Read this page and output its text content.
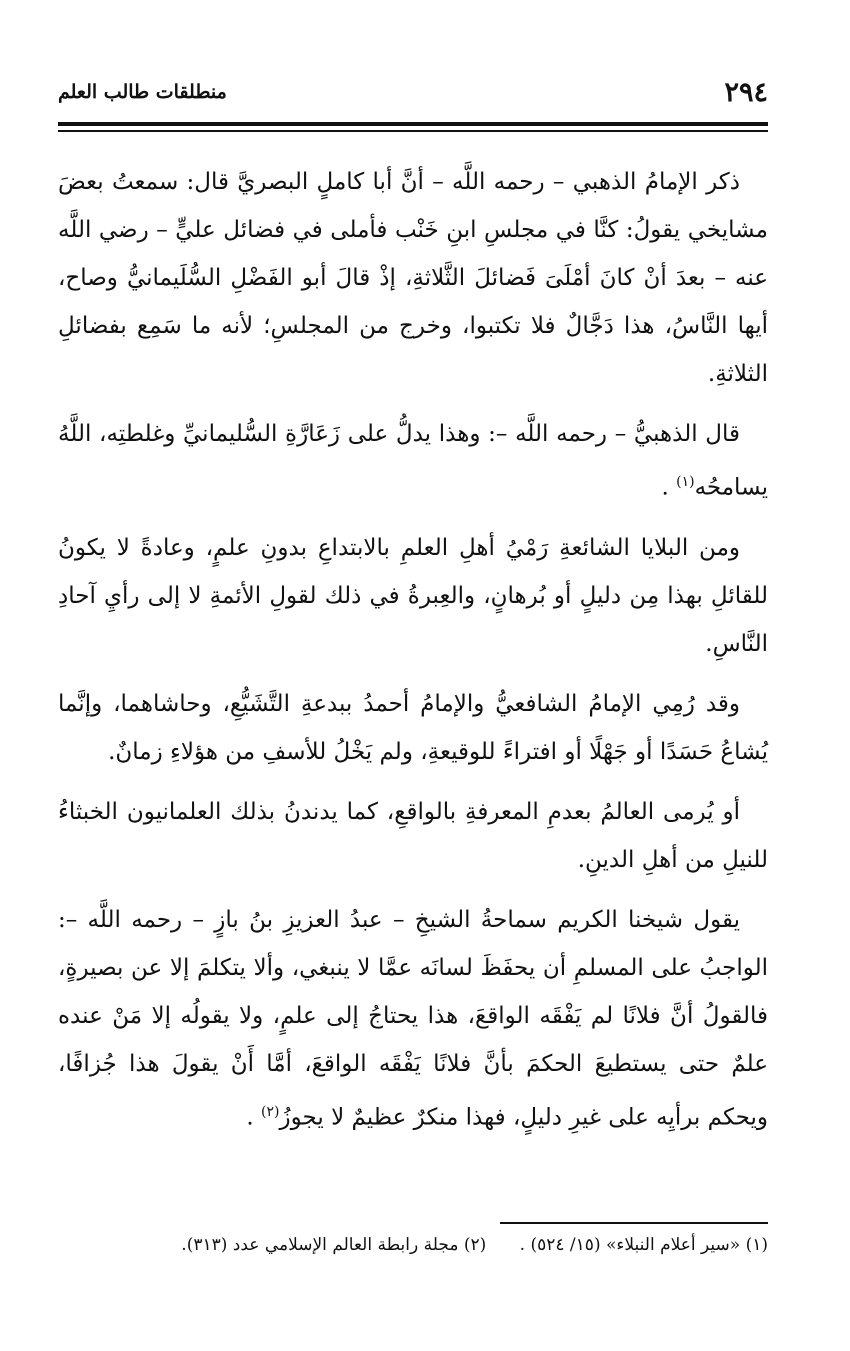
٢٩٤
منطلقات طالب العلم

ذكر الإمامُ الذهبي – رحمه اللَّه – أنَّ أبا كاملٍ البصريَّ قال: سمعتُ بعضَ مشايخي يقولُ: كنَّا في مجلسِ ابنِ خَنْب فأملى في فضائل عليٍّ – رضي اللَّه عنه – بعدَ أنْ كانَ أمْلَىَ فَضائلَ الثَّلاثةِ، إذْ قالَ أبو الفَضْلِ السُّلَيمانيُّ وصاح، أيها النَّاسُ، هذا دَجَّالٌ فلا تكتبوا، وخرج من المجلسِ؛ لأنه ما سَمِع بفضائلِ الثلاثةِ.

قال الذهبيُّ – رحمه اللَّه –: وهذا يدلُّ على زَعَارَّةِ السُّليمانيِّ وغلطتِه، اللَّهُ يسامحُه$^{(١)}$ .

ومن البلايا الشائعةِ رَمْيُ أهلِ العلمِ بالابتداعِ بدونِ علمٍ، وعادةً لا يكونُ للقائلِ بهذا مِن دليلٍ أو بُرهانٍ، والعِبرةُ في ذلك لقولِ الأئمةِ لا إلى رأيِ آحادِ النَّاسِ.

وقد رُمِي الإمامُ الشافعيُّ والإمامُ أحمدُ ببدعةِ التَّشَيُّعِ، وحاشاهما، وإنَّما يُشاعُ حَسَدًا أو جَهْلًا أو افتراءً للوقيعةِ، ولم يَخْلُ للأسفِ من هؤلاءِ زمانٌ.

أو يُرمى العالمُ بعدمِ المعرفةِ بالواقعِ، كما يدندنُ بذلك العلمانيون الخبثاءُ للنيلِ من أهلِ الدينِ.

يقول شيخنا الكريم سماحةُ الشيخِ – عبدُ العزيزِ بنُ بازٍ – رحمه اللَّه –: الواجبُ على المسلمِ أن يحفَظَ لسانَه عمَّا لا ينبغي، وألا يتكلمَ إلا عن بصيرةٍ، فالقولُ أنَّ فلانًا لم يَفْقَه الواقعَ، هذا يحتاجُ إلى علمٍ، ولا يقولُه إلا مَنْ عنده علمٌ حتى يستطيعَ الحكمَ بأنَّ فلانًا يَفْقَه الواقعَ، أمَّا أَنْ يقولَ هذا جُزافًا، ويحكم برأيِه على غيرِ دليلٍ، فهذا منكرٌ عظيمٌ لا يجوزُ$^{(٢)}$ .

(١) «سير أعلام النبلاء» (١٥/ ٥٢٤) . (٢) مجلة رابطة العالم الإسلامي عدد (٣١٣).
